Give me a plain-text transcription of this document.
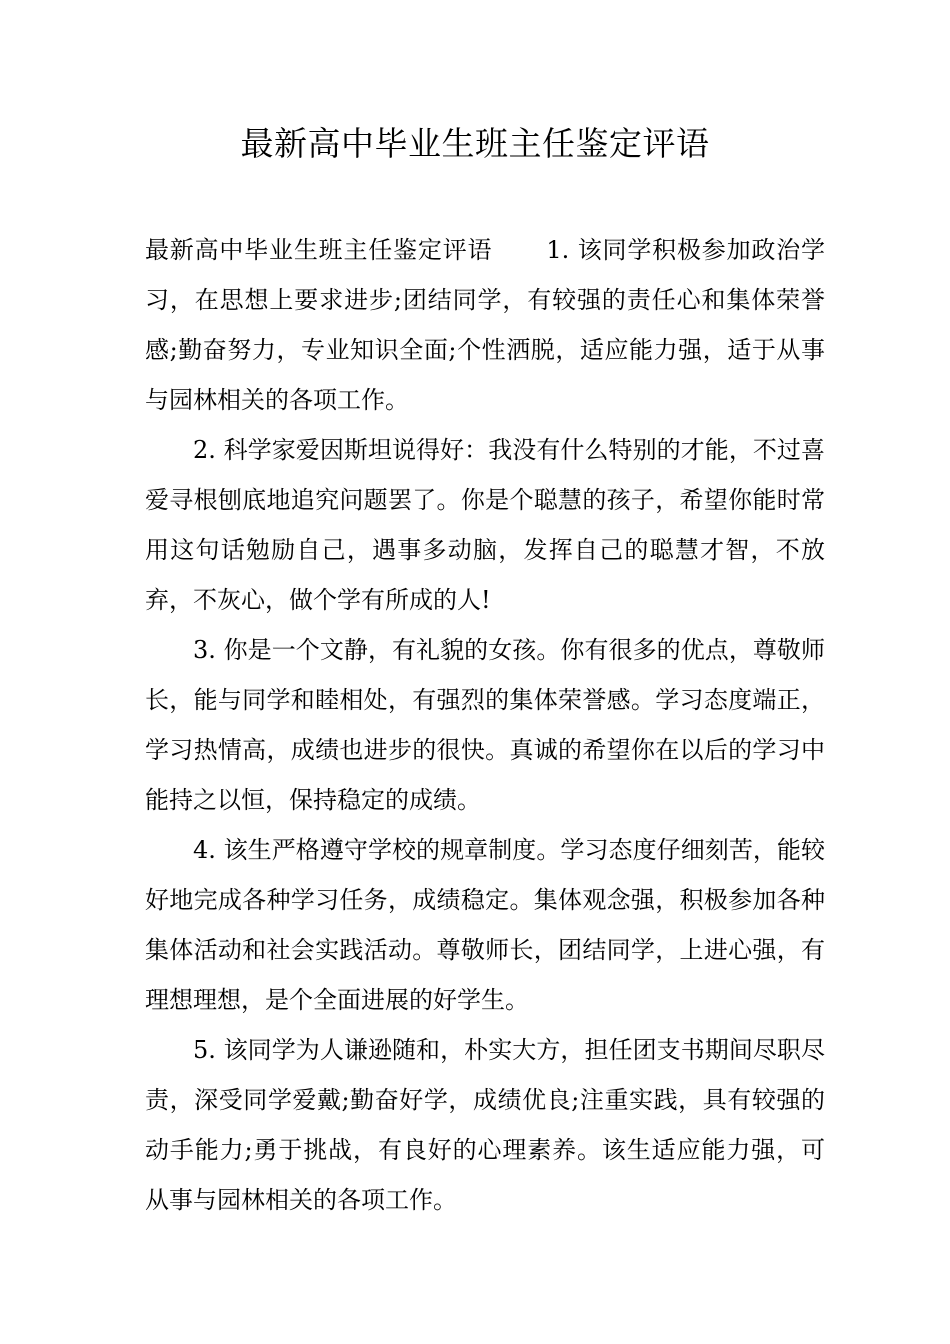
最新高中毕业生班主任鉴定评语

最新高中毕业生班主任鉴定评语 1. 该同学积极参加政治学习，在思想上要求进步;团结同学，有较强的责任心和集体荣誉感;勤奋努力，专业知识全面;个性洒脱，适应能力强，适于从事与园林相关的各项工作。

2. 科学家爱因斯坦说得好：我没有什么特别的才能，不过喜爱寻根刨底地追究问题罢了。你是个聪慧的孩子，希望你能时常用这句话勉励自己，遇事多动脑，发挥自己的聪慧才智，不放弃，不灰心，做个学有所成的人!

3. 你是一个文静，有礼貌的女孩。你有很多的优点，尊敬师长，能与同学和睦相处，有强烈的集体荣誉感。学习态度端正，学习热情高，成绩也进步的很快。真诚的希望你在以后的学习中能持之以恒，保持稳定的成绩。

4. 该生严格遵守学校的规章制度。学习态度仔细刻苦，能较好地完成各种学习任务，成绩稳定。集体观念强，积极参加各种集体活动和社会实践活动。尊敬师长，团结同学，上进心强，有理想理想，是个全面进展的好学生。

5. 该同学为人谦逊随和，朴实大方，担任团支书期间尽职尽责，深受同学爱戴;勤奋好学，成绩优良;注重实践，具有较强的动手能力;勇于挑战，有良好的心理素养。该生适应能力强，可从事与园林相关的各项工作。
